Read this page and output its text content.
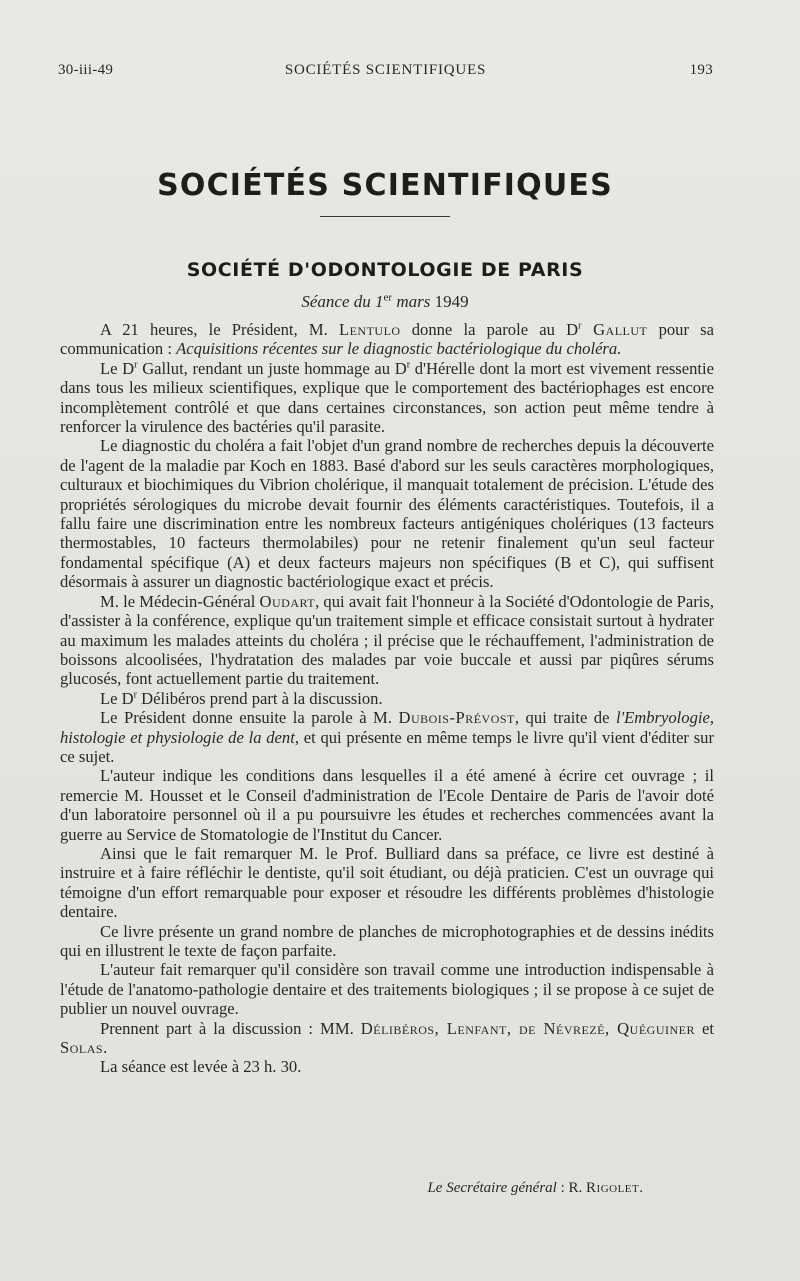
30-iii-49	SOCIÉTÉS SCIENTIFIQUES	193
SOCIÉTÉS SCIENTIFIQUES
SOCIÉTÉ D'ODONTOLOGIE DE PARIS
Séance du 1er mars 1949

A 21 heures, le Président, M. Lentulo donne la parole au $D^r$ Gallut pour sa communication : Acquisitions récentes sur le diagnostic bactériologique du choléra.

Le $D^r$ Gallut, rendant un juste hommage au $D^r$ d'Hérelle dont la mort est vivement ressentie dans tous les milieux scientifiques, explique que le comportement des bactériophages est encore incomplètement contrôlé et que dans certaines circonstances, son action peut même tendre à renforcer la virulence des bactéries qu'il parasite.

Le diagnostic du choléra a fait l'objet d'un grand nombre de recherches depuis la découverte de l'agent de la maladie par Koch en 1883. Basé d'abord sur les seuls caractères morphologiques, culturaux et biochimiques du Vibrion cholérique, il manquait totalement de précision. L'étude des propriétés sérologiques du microbe devait fournir des éléments caractéristiques. Toutefois, il a fallu faire une discrimination entre les nombreux facteurs antigéniques cholériques (13 facteurs thermostables, 10 facteurs thermolabiles) pour ne retenir finalement qu'un seul facteur fondamental spécifique (A) et deux facteurs majeurs non spécifiques (B et C), qui suffisent désormais à assurer un diagnostic bactériologique exact et précis.

M. le Médecin-Général Oudart, qui avait fait l'honneur à la Société d'Odontologie de Paris, d'assister à la conférence, explique qu'un traitement simple et efficace consistait surtout à hydrater au maximum les malades atteints du choléra ; il précise que le réchauffement, l'administration de boissons alcoolisées, l'hydratation des malades par voie buccale et aussi par piqûres sérums glucosés, font actuellement partie du traitement.

Le $D^r$ Délibéros prend part à la discussion.

Le Président donne ensuite la parole à M. Dubois-Prévost, qui traite de l'Embryologie, histologie et physiologie de la dent, et qui présente en même temps le livre qu'il vient d'éditer sur ce sujet.

L'auteur indique les conditions dans lesquelles il a été amené à écrire cet ouvrage ; il remercie M. Housset et le Conseil d'administration de l'Ecole Dentaire de Paris de l'avoir doté d'un laboratoire personnel où il a pu poursuivre les études et recherches commencées avant la guerre au Service de Stomatologie de l'Institut du Cancer.

Ainsi que le fait remarquer M. le Prof. Bulliard dans sa préface, ce livre est destiné à instruire et à faire réfléchir le dentiste, qu'il soit étudiant, ou déjà praticien. C'est un ouvrage qui témoigne d'un effort remarquable pour exposer et résoudre les différents problèmes d'histologie dentaire.

Ce livre présente un grand nombre de planches de microphotographies et de dessins inédits qui en illustrent le texte de façon parfaite.

L'auteur fait remarquer qu'il considère son travail comme une introduction indispensable à l'étude de l'anatomo-pathologie dentaire et des traitements biologiques ; il se propose à ce sujet de publier un nouvel ouvrage.

Prennent part à la discussion : MM. Délibéros, Lenfant, de Névrezé, Quéguiner et Solas.

La séance est levée à 23 h. 30.

Le Secrétaire général : R. Rigolet.
